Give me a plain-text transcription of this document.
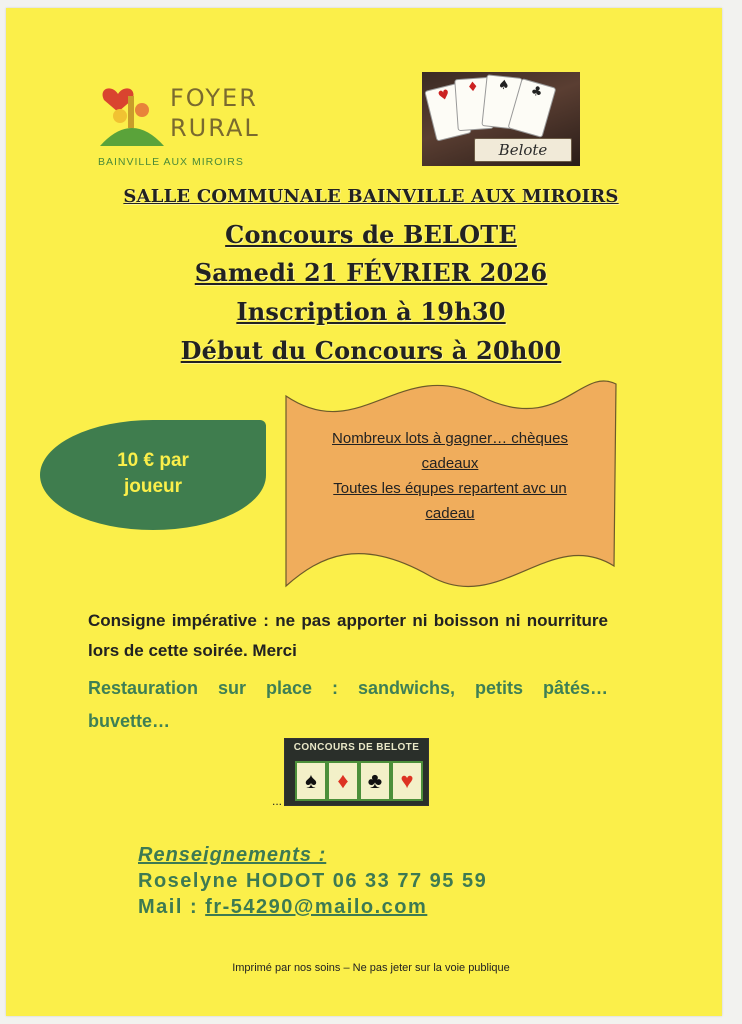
FOYER
RURAL
BAINVILLE AUX MIROIRS
♥	♦	♠	♣
Belote
SALLE COMMUNALE BAINVILLE AUX MIROIRS
Concours de BELOTE
Samedi 21 FÉVRIER 2026
Inscription à 19h30
Début du Concours à 20h00
10 € par
joueur
Nombreux lots à gagner… chèques
cadeaux
Toutes les équpes repartent avc un
cadeau
Consigne impérative : ne pas apporter ni boisson ni nourriture lors de cette soirée. Merci
Restauration sur place : sandwichs, petits pâtés… buvette…
CONCOURS DE BELOTE
♠ ♦ ♣ ♥
...
Renseignements :
Roselyne HODOT 06 33 77 95 59
Mail : fr-54290@mailo.com
Imprimé par nos soins – Ne pas jeter sur la voie publique
